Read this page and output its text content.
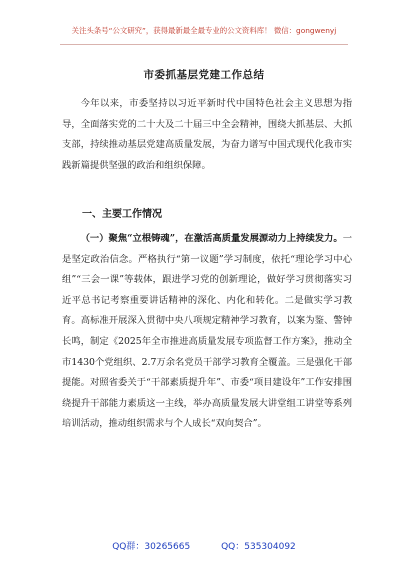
关注头条号“公文研究”，获得最新最全最专业的公文资料库！ 微信：gongwenyj
市委抓基层党建工作总结
今年以来，市委坚持以习近平新时代中国特色社会主义思想为指导，全面落实党的二十大及二十届三中全会精神，围绕大抓基层、大抓支部，持续推动基层党建高质量发展，为奋力谱写中国式现代化我市实践新篇提供坚强的政治和组织保障。
一、主要工作情况
（一）聚焦“立根铸魂”，在激活高质量发展源动力上持续发力。一是坚定政治信念。严格执行“第一议题”学习制度，依托“理论学习中心组”“三会一课”等载体，跟进学习党的创新理论，做好学习贯彻落实习近平总书记考察重要讲话精神的深化、内化和转化。二是做实学习教育。高标准开展深入贯彻中央八项规定精神学习教育，以案为鉴、警钟长鸣，制定《2025年全市推进高质量发展专项监督工作方案》，推动全市1430个党组织、2.7万余名党员干部学习教育全覆盖。三是强化干部提能。对照省委关于“干部素质提升年”、市委“项目建设年”工作安排围绕提升干部能力素质这一主线，举办高质量发展大讲堂组工讲堂等系列培训活动，推动组织需求与个人成长“双向契合”。
QQ群：30265665	QQ：535304092
